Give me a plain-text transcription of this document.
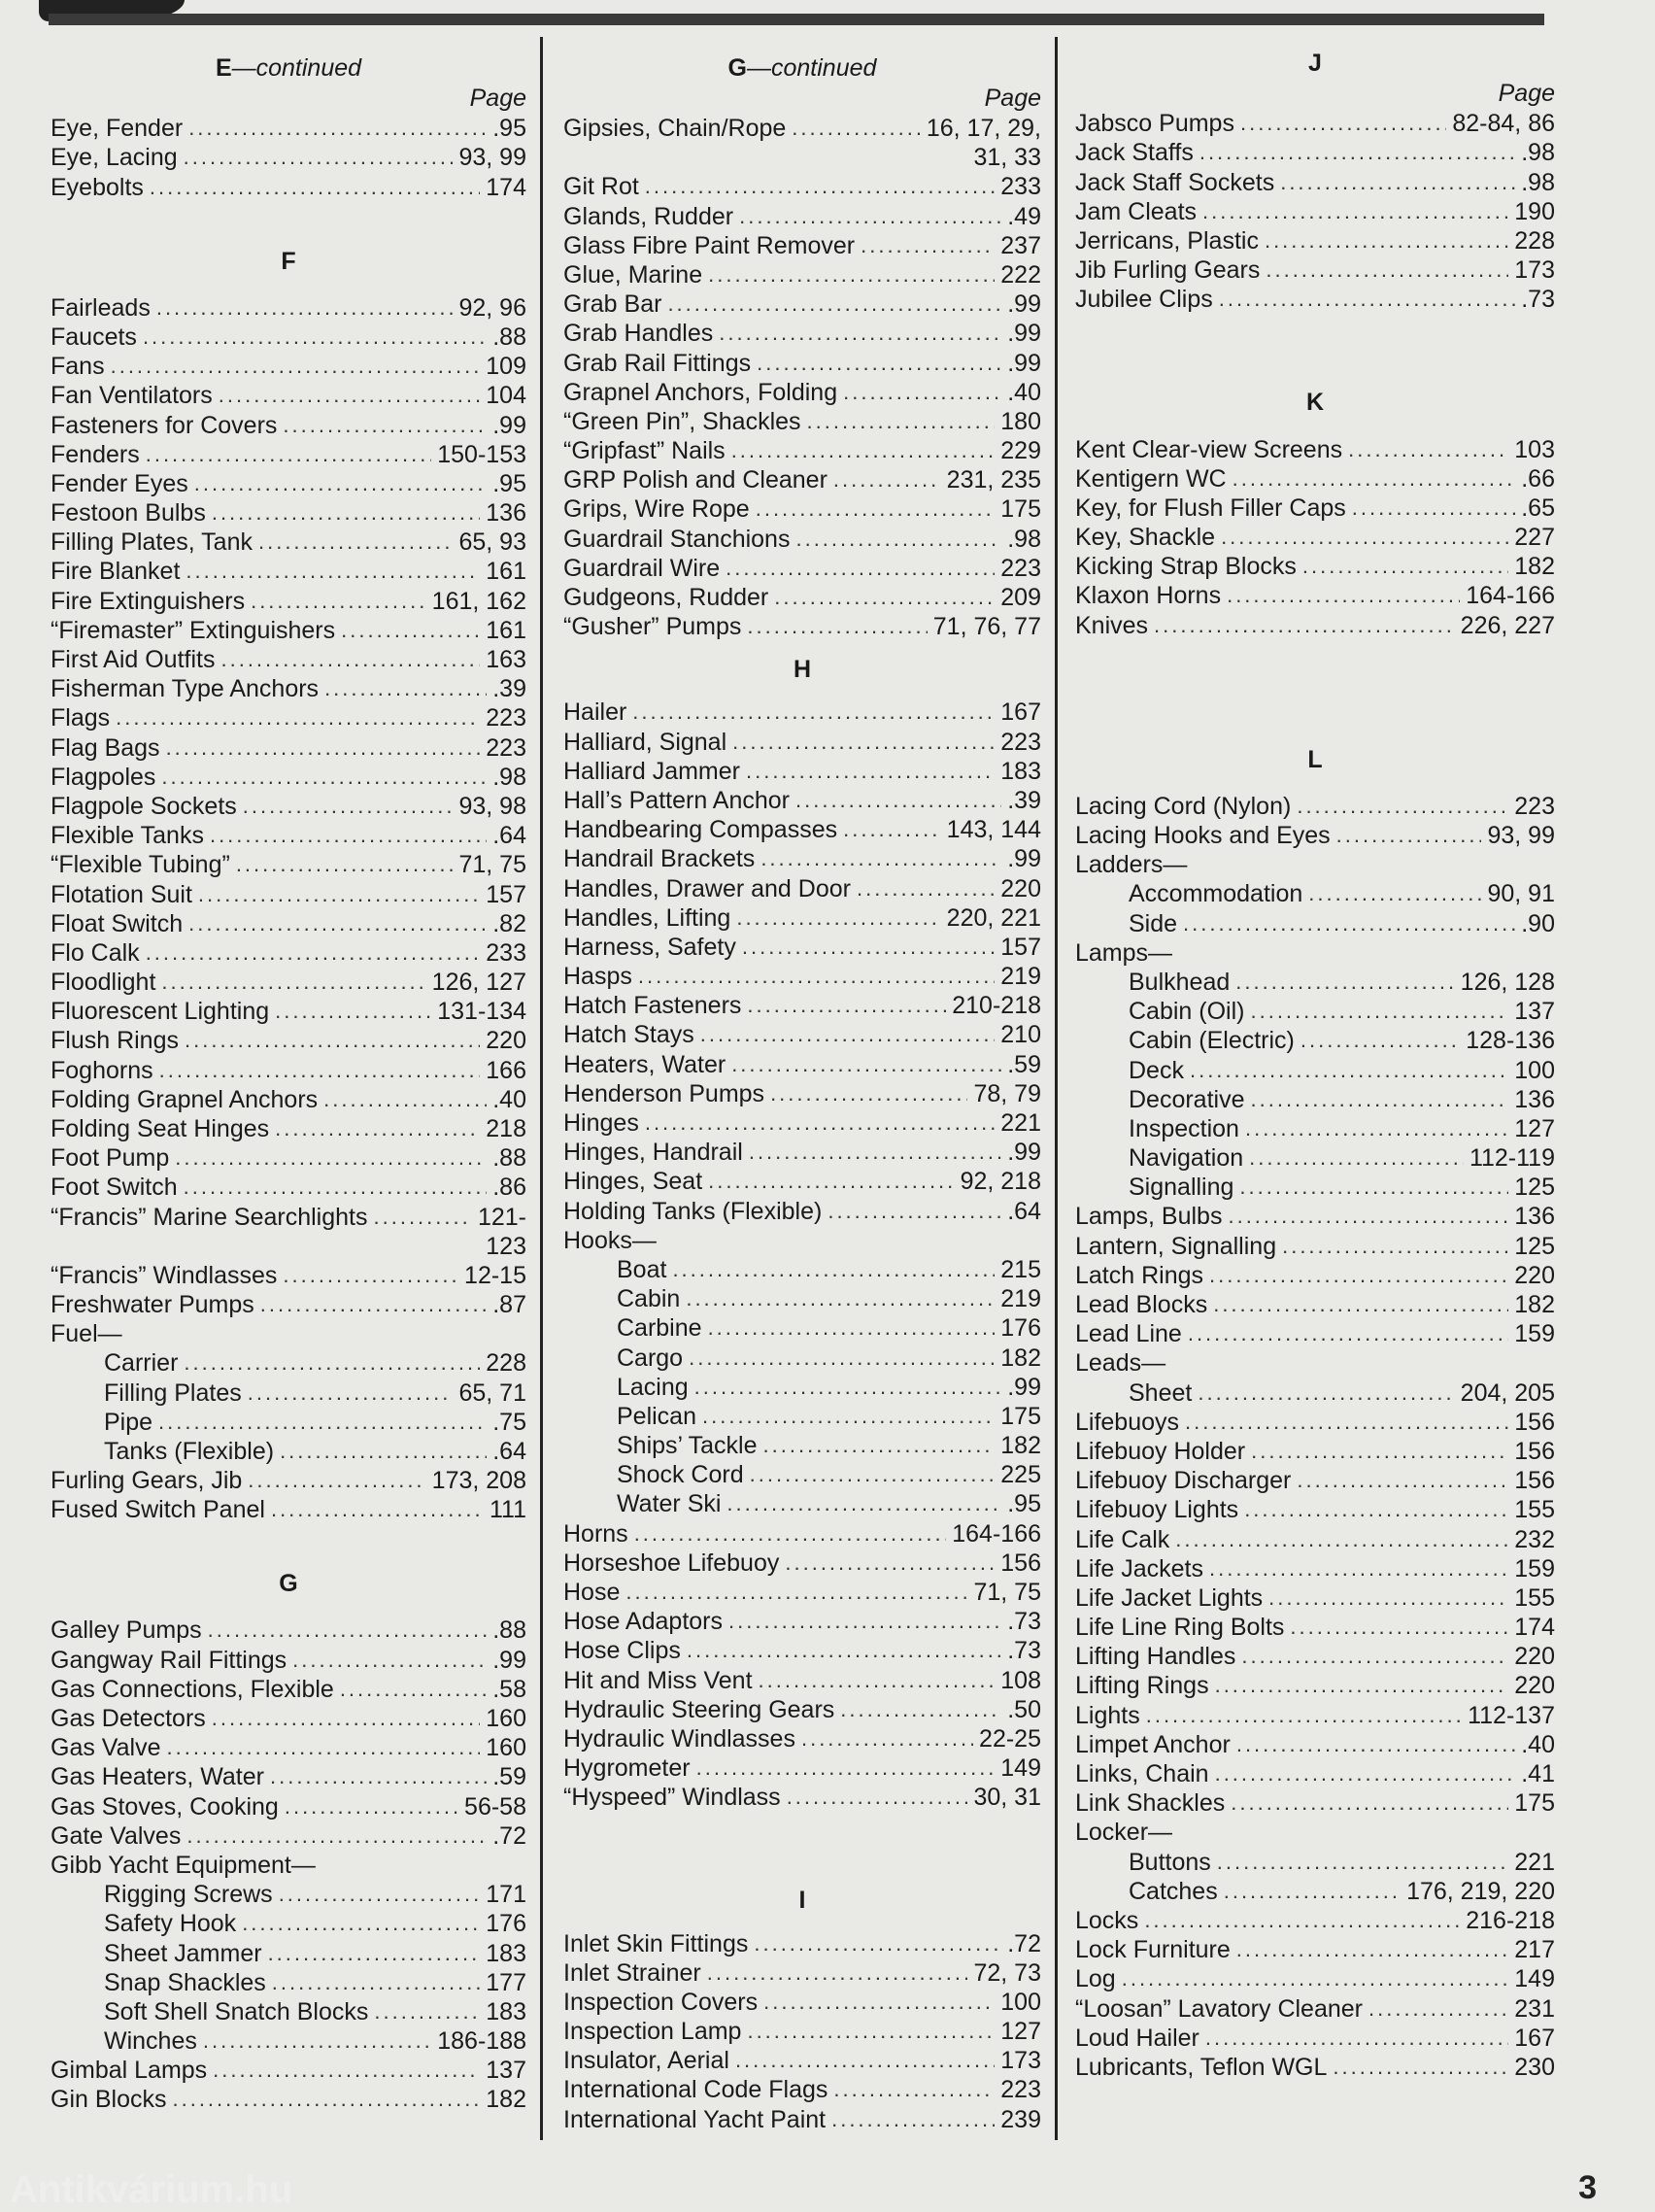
E—continued
Page
Eye, Fender .....	.95
Eye, Lacing .....	93, 99
Eyebolts .....	174
F
Fairleads .....	92, 96
Faucets .....	.88
Fans .....	109
Fan Ventilators .....	104
Fasteners for Covers .....	.99
Fenders .....	150-153
Fender Eyes .....	.95
Festoon Bulbs .....	136
Filling Plates, Tank .....	65, 93
Fire Blanket .....	161
Fire Extinguishers .....	161, 162
“Firemaster” Extinguishers .....	161
First Aid Outfits .....	163
Fisherman Type Anchors .....	.39
Flags .....	223
Flag Bags .....	223
Flagpoles .....	.98
Flagpole Sockets .....	93, 98
Flexible Tanks .....	.64
“Flexible Tubing” .....	71, 75
Flotation Suit .....	157
Float Switch .....	.82
Flo Calk .....	233
Floodlight .....	126, 127
Fluorescent Lighting .....	131-134
Flush Rings .....	220
Foghorns .....	166
Folding Grapnel Anchors .....	.40
Folding Seat Hinges .....	218
Foot Pump .....	.88
Foot Switch .....	.86
“Francis” Marine Searchlights .....	121-
123
“Francis” Windlasses .....	12-15
Freshwater Pumps .....	.87
Fuel—
Carrier .....	228
Filling Plates .....	65, 71
Pipe .....	.75
Tanks (Flexible) .....	.64
Furling Gears, Jib .....	173, 208
Fused Switch Panel .....	111
G
Galley Pumps .....	.88
Gangway Rail Fittings .....	.99
Gas Connections, Flexible .....	.58
Gas Detectors .....	160
Gas Valve .....	160
Gas Heaters, Water .....	.59
Gas Stoves, Cooking .....	56-58
Gate Valves .....	.72
Gibb Yacht Equipment—
Rigging Screws .....	171
Safety Hook .....	176
Sheet Jammer .....	183
Snap Shackles .....	177
Soft Shell Snatch Blocks .....	183
Winches .....	186-188
Gimbal Lamps .....	137
Gin Blocks .....	182
G—continued
Page
Gipsies, Chain/Rope .....	16, 17, 29,
31, 33
Git Rot .....	233
Glands, Rudder .....	.49
Glass Fibre Paint Remover .....	237
Glue, Marine .....	222
Grab Bar .....	.99
Grab Handles .....	.99
Grab Rail Fittings .....	.99
Grapnel Anchors, Folding .....	.40
“Green Pin”, Shackles .....	180
“Gripfast” Nails .....	229
GRP Polish and Cleaner .....	231, 235
Grips, Wire Rope .....	175
Guardrail Stanchions .....	.98
Guardrail Wire .....	223
Gudgeons, Rudder .....	209
“Gusher” Pumps .....	71, 76, 77
H
Hailer .....	167
Halliard, Signal .....	223
Halliard Jammer .....	183
Hall’s Pattern Anchor .....	.39
Handbearing Compasses .....	143, 144
Handrail Brackets .....	.99
Handles, Drawer and Door .....	220
Handles, Lifting .....	220, 221
Harness, Safety .....	157
Hasps .....	219
Hatch Fasteners .....	210-218
Hatch Stays .....	210
Heaters, Water .....	.59
Henderson Pumps .....	78, 79
Hinges .....	221
Hinges, Handrail .....	.99
Hinges, Seat .....	92, 218
Holding Tanks (Flexible) .....	.64
Hooks—
Boat .....	215
Cabin .....	219
Carbine .....	176
Cargo .....	182
Lacing .....	.99
Pelican .....	175
Ships’ Tackle .....	182
Shock Cord .....	225
Water Ski .....	.95
Horns .....	164-166
Horseshoe Lifebuoy .....	156
Hose .....	71, 75
Hose Adaptors .....	.73
Hose Clips .....	.73
Hit and Miss Vent .....	108
Hydraulic Steering Gears .....	.50
Hydraulic Windlasses .....	22-25
Hygrometer .....	149
“Hyspeed” Windlass .....	30, 31
I
Inlet Skin Fittings .....	.72
Inlet Strainer .....	72, 73
Inspection Covers .....	100
Inspection Lamp .....	127
Insulator, Aerial .....	173
International Code Flags .....	223
International Yacht Paint .....	239
J
Page
Jabsco Pumps .....	82-84, 86
Jack Staffs .....	.98
Jack Staff Sockets .....	.98
Jam Cleats .....	190
Jerricans, Plastic .....	228
Jib Furling Gears .....	173
Jubilee Clips .....	.73
K
Kent Clear-view Screens .....	103
Kentigern WC .....	.66
Key, for Flush Filler Caps .....	.65
Key, Shackle .....	227
Kicking Strap Blocks .....	182
Klaxon Horns .....	164-166
Knives .....	226, 227
L
Lacing Cord (Nylon) .....	223
Lacing Hooks and Eyes .....	93, 99
Ladders—
Accommodation .....	90, 91
Side .....	.90
Lamps—
Bulkhead .....	126, 128
Cabin (Oil) .....	137
Cabin (Electric) .....	128-136
Deck .....	100
Decorative .....	136
Inspection .....	127
Navigation .....	112-119
Signalling .....	125
Lamps, Bulbs .....	136
Lantern, Signalling .....	125
Latch Rings .....	220
Lead Blocks .....	182
Lead Line .....	159
Leads—
Sheet .....	204, 205
Lifebuoys .....	156
Lifebuoy Holder .....	156
Lifebuoy Discharger .....	156
Lifebuoy Lights .....	155
Life Calk .....	232
Life Jackets .....	159
Life Jacket Lights .....	155
Life Line Ring Bolts .....	174
Lifting Handles .....	220
Lifting Rings .....	220
Lights .....	112-137
Limpet Anchor .....	.40
Links, Chain .....	.41
Link Shackles .....	175
Locker—
Buttons .....	221
Catches .....	176, 219, 220
Locks .....	216-218
Lock Furniture .....	217
Log .....	149
“Loosan” Lavatory Cleaner .....	231
Loud Hailer .....	167
Lubricants, Teflon WGL .....	230
Antikvárium.hu	3
